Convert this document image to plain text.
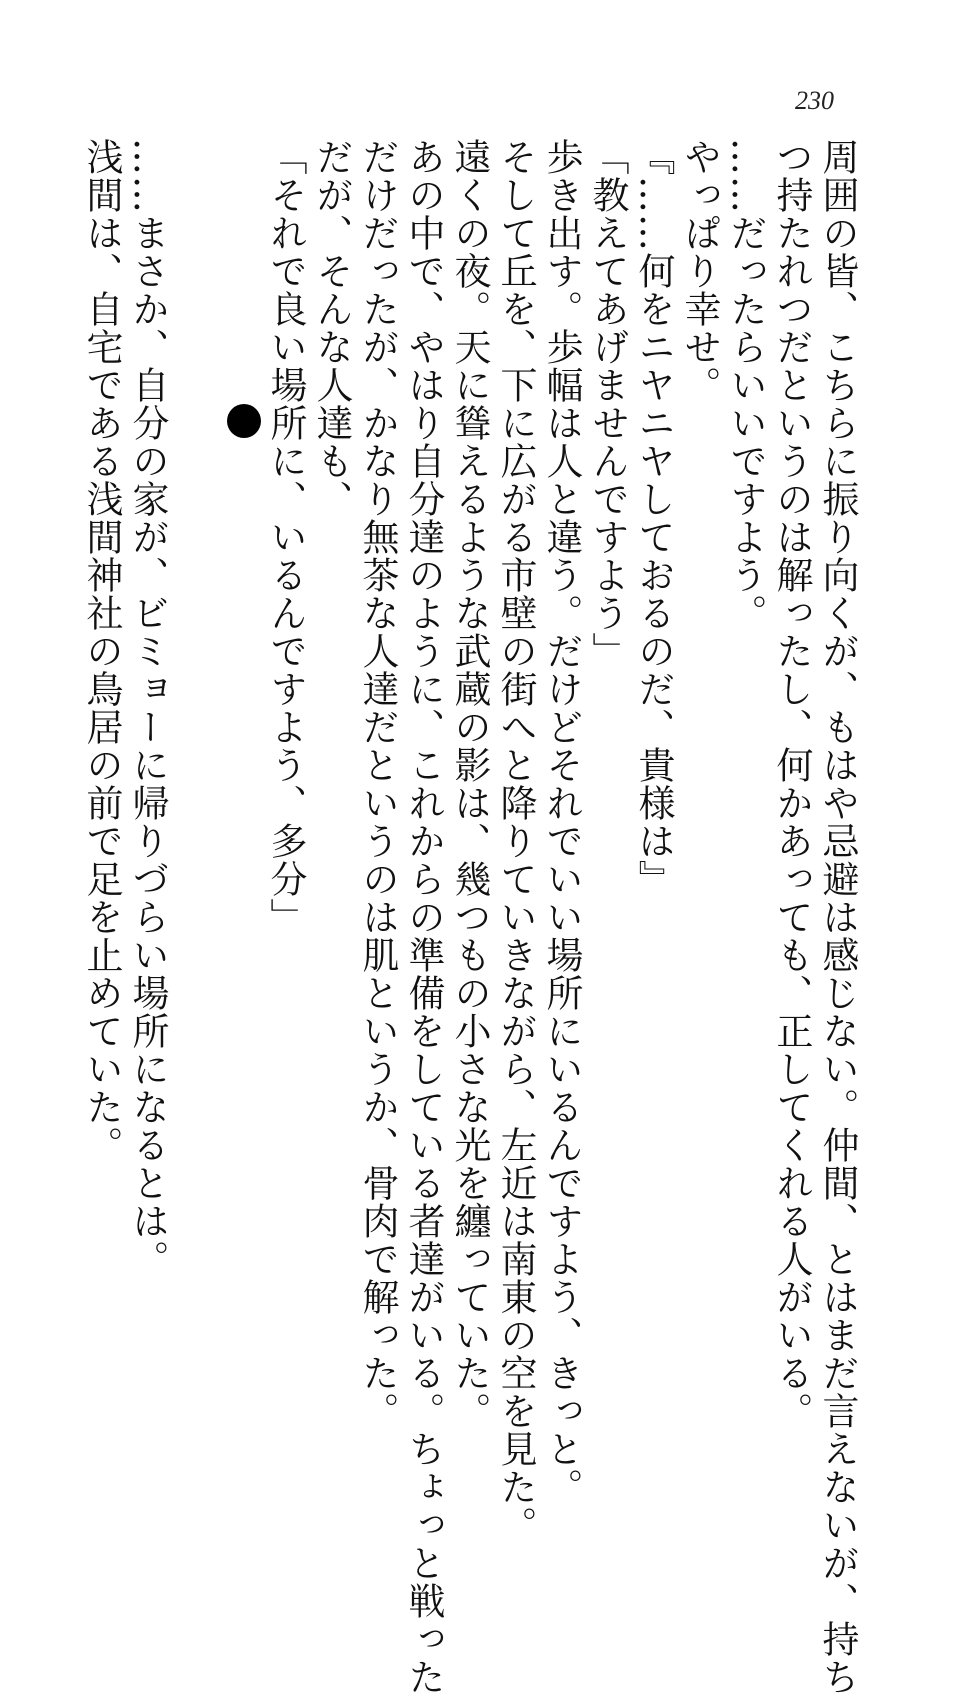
230

周囲の皆、こちらに振り向くが、もはや忌避は感じない。仲間、とはまだ言えないが、持ち

つ持たれつだというのは解ったし、何かあっても、正してくれる人がいる。

……だったらいいですよう。

やっぱり幸せ。

『……何をニヤニヤしておるのだ、貴様は』

「教えてあげませんですよう」

歩き出す。歩幅は人と違う。だけどそれでいい場所にいるんですよう、きっと。

そして丘を、下に広がる市壁の街へと降りていきながら、左近は南東の空を見た。

遠くの夜。天に聳えるような武蔵の影は、幾つもの小さな光を纏っていた。

あの中で、やはり自分達のように、これからの準備をしている者達がいる。ちょっと戦った

だけだったが、かなり無茶な人達だというのは肌というか、骨肉で解った。

だが、そんな人達も、

「それで良い場所に、いるんですよう、多分」

……まさか、自分の家が、ビミョーに帰りづらい場所になるとは。

浅間は、自宅である浅間神社の鳥居の前で足を止めていた。
